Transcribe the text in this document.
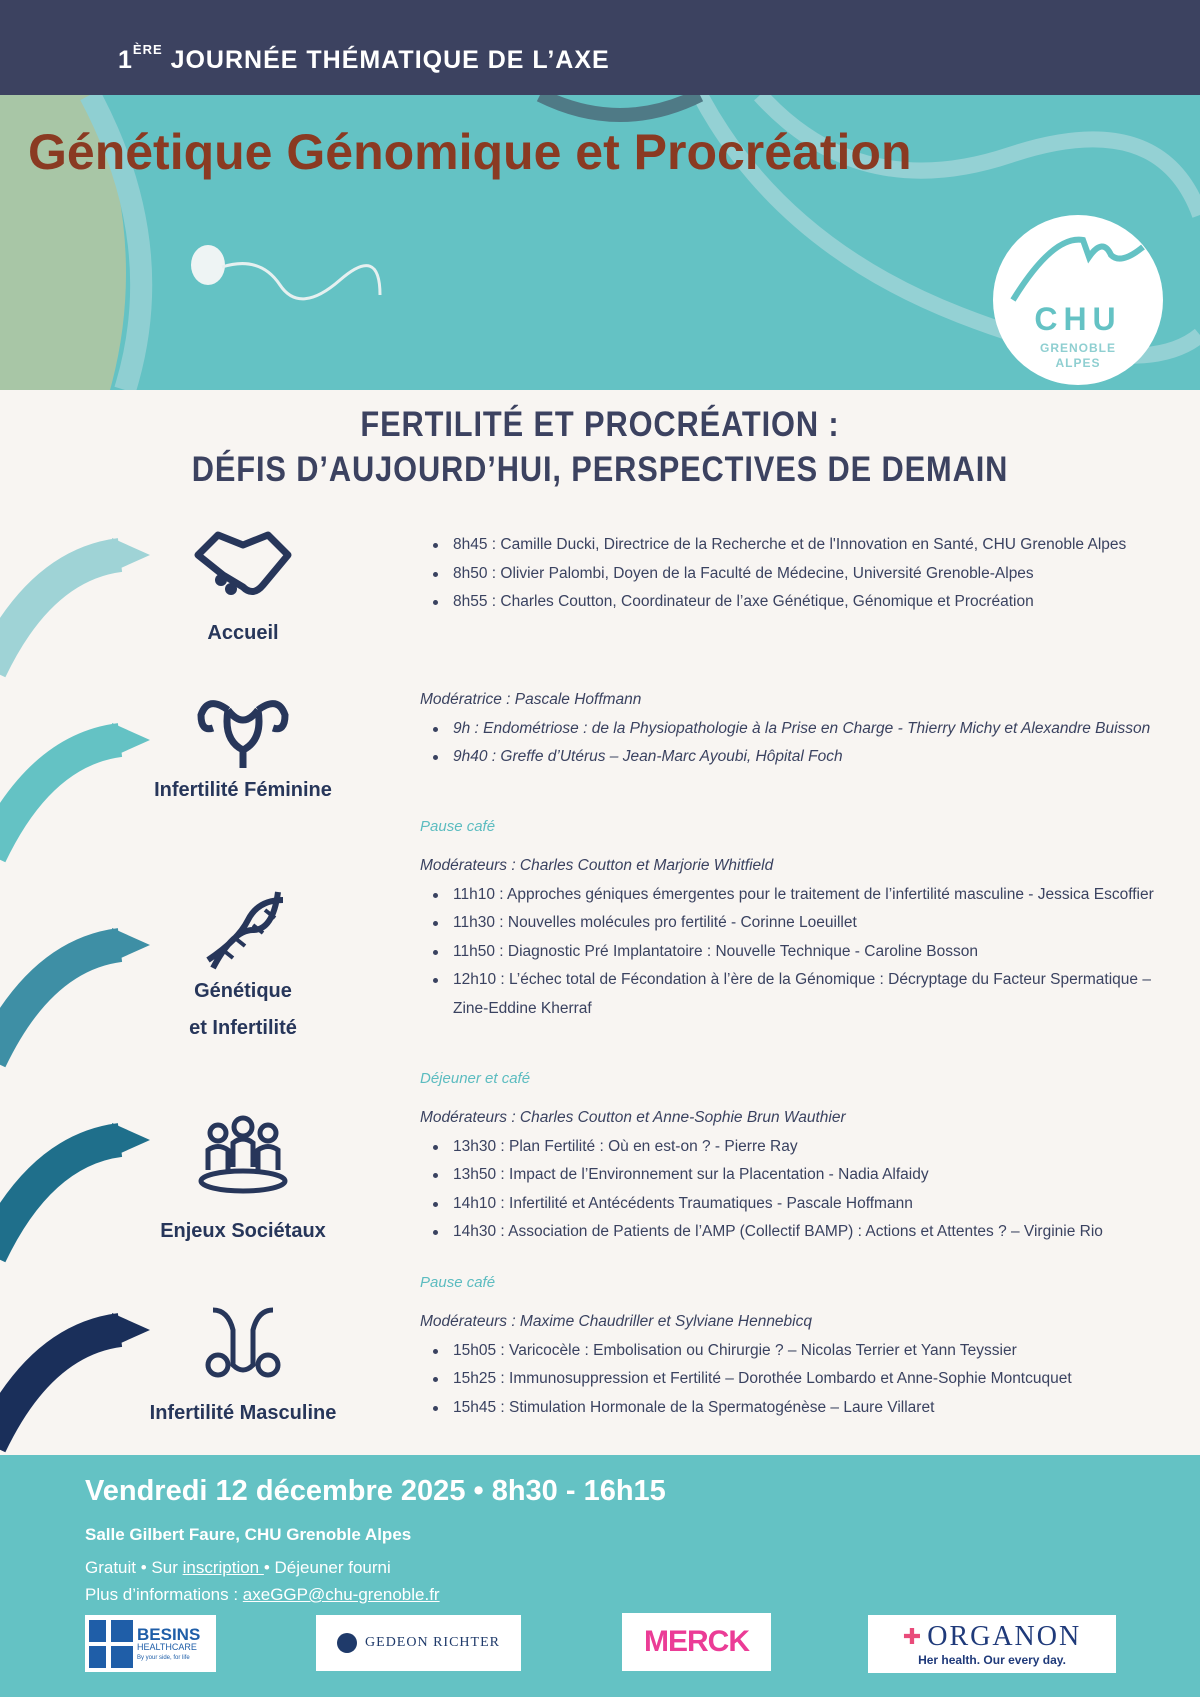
1ÈRE JOURNÉE THÉMATIQUE DE L’AXE
Génétique Génomique et Procréation
CHU
GRENOBLE
ALPES
FERTILITÉ ET PROCRÉATION :
DÉFIS D’AUJOURD’HUI, PERSPECTIVES DE DEMAIN
Accueil
Infertilité Féminine
Génétique
et Infertilité
Enjeux Sociétaux
Infertilité Masculine
8h45 : Camille Ducki, Directrice de la Recherche et de l'Innovation en Santé, CHU Grenoble Alpes
8h50 : Olivier Palombi, Doyen de la Faculté de Médecine, Université Grenoble-Alpes
8h55 : Charles Coutton, Coordinateur de l’axe Génétique, Génomique et Procréation
Modératrice : Pascale Hoffmann
9h : Endométriose : de la Physiopathologie à la Prise en Charge - Thierry Michy et Alexandre Buisson
9h40 : Greffe d’Utérus – Jean-Marc Ayoubi, Hôpital Foch
Pause café
Modérateurs : Charles Coutton et Marjorie Whitfield
11h10 : Approches géniques émergentes pour le traitement de l’infertilité masculine - Jessica Escoffier
11h30 : Nouvelles molécules pro fertilité - Corinne Loeuillet
11h50 : Diagnostic Pré Implantatoire : Nouvelle Technique - Caroline Bosson
12h10 : L’échec total de Fécondation à l’ère de la Génomique : Décryptage du Facteur Spermatique – Zine-Eddine Kherraf
Déjeuner et café
Modérateurs : Charles Coutton et Anne-Sophie Brun Wauthier
13h30 : Plan Fertilité : Où en est-on ? - Pierre Ray
13h50 : Impact de l’Environnement sur la Placentation - Nadia Alfaidy
14h10 : Infertilité et Antécédents Traumatiques - Pascale Hoffmann
14h30 : Association de Patients de l’AMP (Collectif BAMP) : Actions et Attentes ? – Virginie Rio
Pause café
Modérateurs : Maxime Chaudriller et Sylviane Hennebicq
15h05 : Varicocèle : Embolisation ou Chirurgie ? – Nicolas Terrier et Yann Teyssier
15h25 : Immunosuppression et Fertilité – Dorothée Lombardo et Anne-Sophie Montcuquet
15h45 : Stimulation Hormonale de la Spermatogénèse – Laure Villaret
Vendredi 12 décembre 2025 • 8h30 - 16h15
Salle Gilbert Faure, CHU Grenoble Alpes
Gratuit • Sur inscription • Déjeuner fourni
Plus d’informations : axeGGP@chu-grenoble.fr
BESINS
HEALTHCARE
By your side, for life
GEDEON RICHTER	MERCK	✚ ORGANON
Her health. Our every day.
